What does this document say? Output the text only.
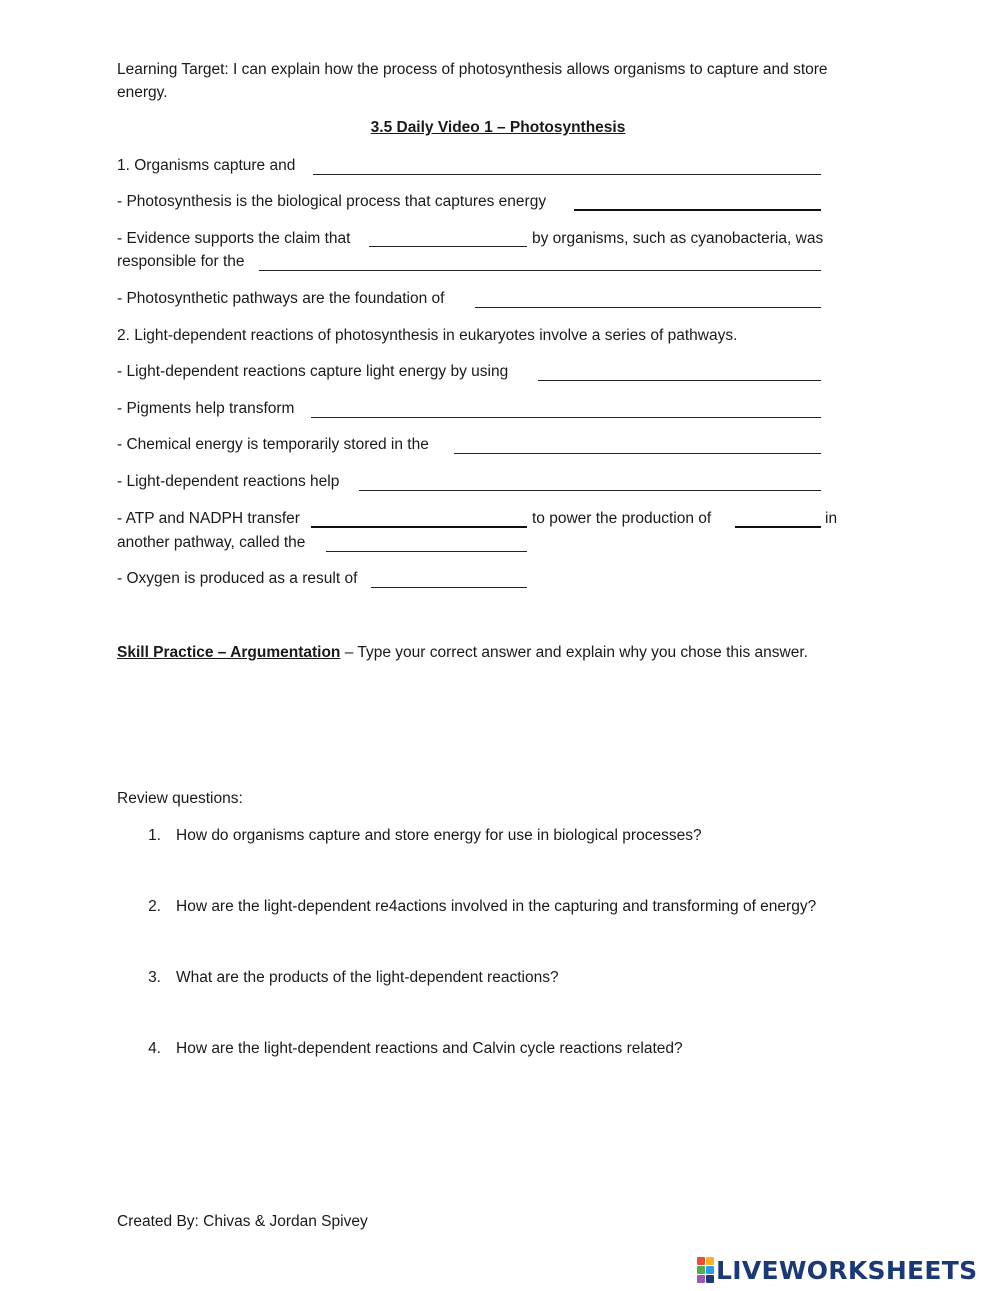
Learning Target: I can explain how the process of photosynthesis allows organisms to capture and store
energy.
3.5 Daily Video 1 – Photosynthesis
1. Organisms capture and
- Photosynthesis is the biological process that captures energy
- Evidence supports the claim that	by organisms, such as cyanobacteria, was
responsible for the
- Photosynthetic pathways are the foundation of
2. Light-dependent reactions of photosynthesis in eukaryotes involve a series of pathways.
- Light-dependent reactions capture light energy by using
- Pigments help transform
- Chemical energy is temporarily stored in the
- Light-dependent reactions help
- ATP and NADPH transfer	to power the production of	in
another pathway, called the
- Oxygen is produced as a result of
Skill Practice – Argumentation – Type your correct answer and explain why you chose this answer.
Review questions:
1. How do organisms capture and store energy for use in biological processes?
2. How are the light-dependent re4actions involved in the capturing and transforming of energy?
3. What are the products of the light-dependent reactions?
4. How are the light-dependent reactions and Calvin cycle reactions related?
Created By: Chivas & Jordan Spivey
LIVEWORKSHEETS
